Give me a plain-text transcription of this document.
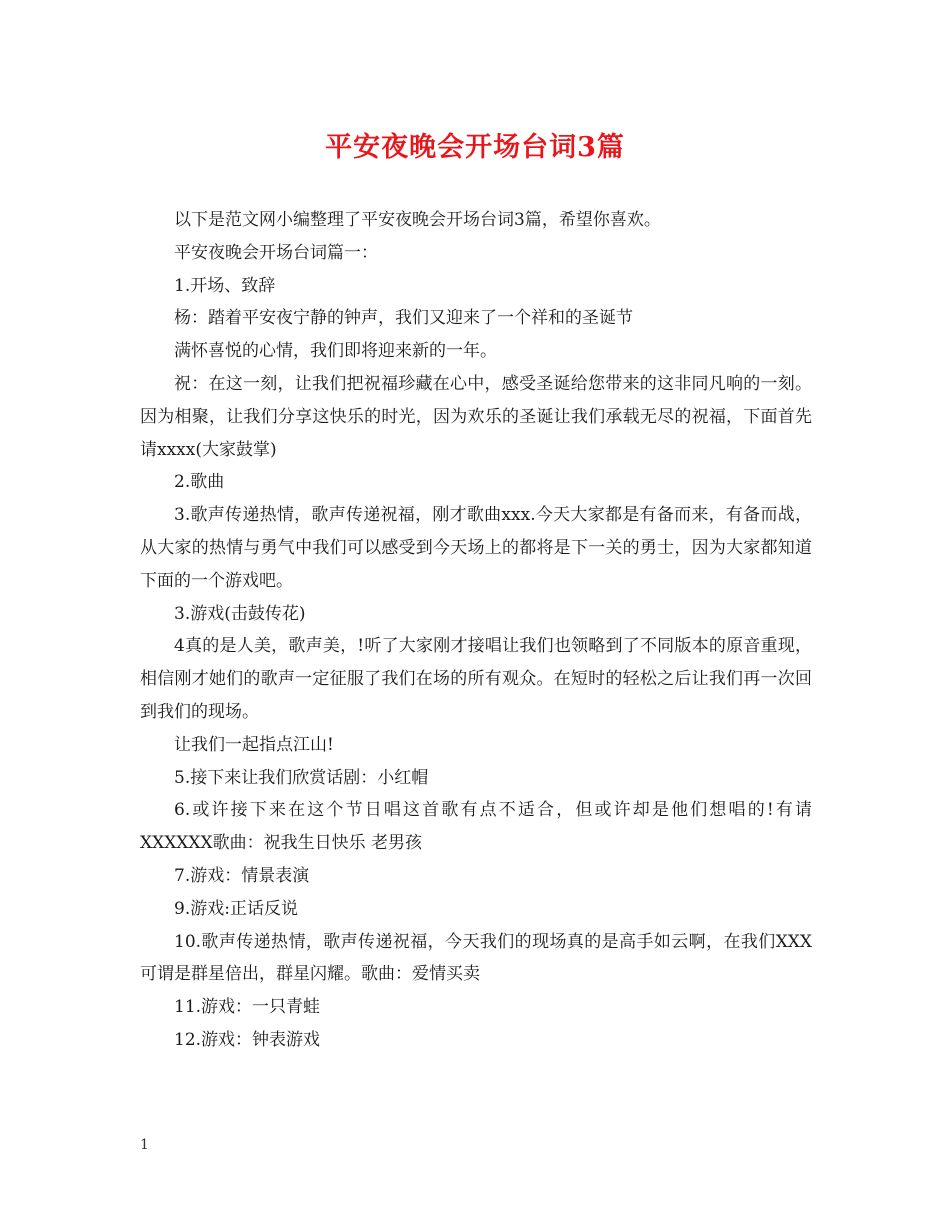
平安夜晚会开场台词3篇

以下是范文网小编整理了平安夜晚会开场台词3篇，希望你喜欢。

平安夜晚会开场台词篇一：

1.开场、致辞

杨：踏着平安夜宁静的钟声，我们又迎来了一个祥和的圣诞节

满怀喜悦的心情，我们即将迎来新的一年。

祝：在这一刻，让我们把祝福珍藏在心中，感受圣诞给您带来的这非同凡响的一刻。因为相聚，让我们分享这快乐的时光，因为欢乐的圣诞让我们承载无尽的祝福，下面首先请xxxx(大家鼓掌)

2.歌曲

3.歌声传递热情，歌声传递祝福，刚才歌曲xxx.今天大家都是有备而来，有备而战，从大家的热情与勇气中我们可以感受到今天场上的都将是下一关的勇士，因为大家都知道下面的一个游戏吧。

3.游戏(击鼓传花)

4真的是人美，歌声美，!听了大家刚才接唱让我们也领略到了不同版本的原音重现，相信刚才她们的歌声一定征服了我们在场的所有观众。在短时的轻松之后让我们再一次回到我们的现场。

让我们一起指点江山!

5.接下来让我们欣赏话剧：小红帽

6.或许接下来在这个节日唱这首歌有点不适合，但或许却是他们想唱的!有请XXXXXX歌曲：祝我生日快乐 老男孩

7.游戏：情景表演

9.游戏:正话反说

10.歌声传递热情，歌声传递祝福，今天我们的现场真的是高手如云啊，在我们XXX可谓是群星倍出，群星闪耀。歌曲：爱情买卖

11.游戏：一只青蛙

12.游戏：钟表游戏

1
